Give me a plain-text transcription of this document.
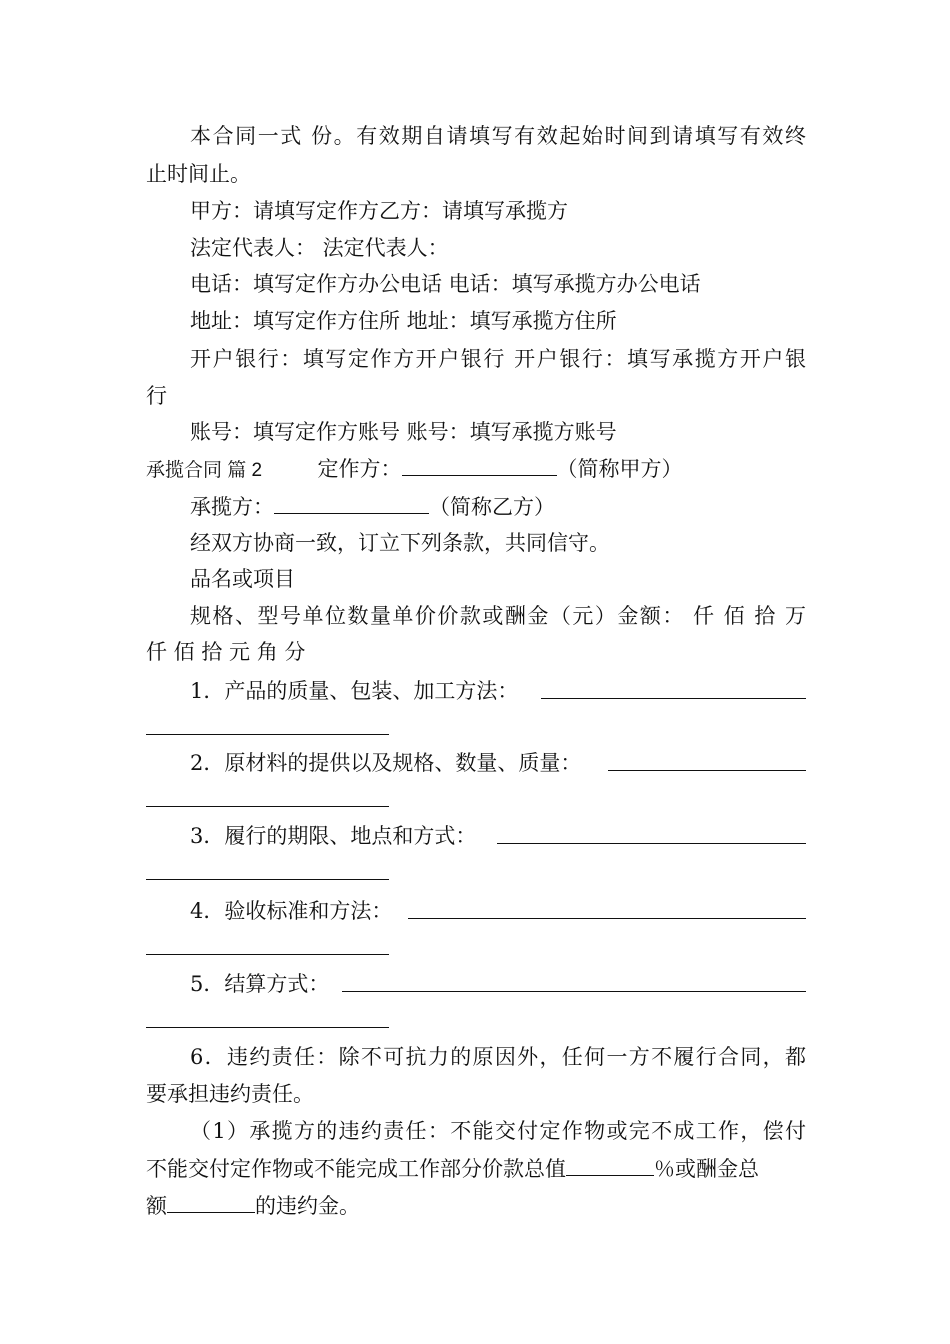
本合同一式 份。有效期自请填写有效起始时间到请填写有效终
止时间止。
甲方：请填写定作方乙方：请填写承揽方
法定代表人： 法定代表人：
电话：填写定作方办公电话 电话：填写承揽方办公电话
地址：填写定作方住所 地址：填写承揽方住所
开户银行：填写定作方开户银行 开户银行：填写承揽方开户银
行
账号：填写定作方账号 账号：填写承揽方账号
承揽合同 篇 2	定作方：	（简称甲方）
承揽方：	（简称乙方）
经双方协商一致，订立下列条款，共同信守。
品名或项目
规格、型号单位数量单价价款或酬金（元）金额： 仟 佰 拾 万
仟 佰 拾 元 角 分
1．产品的质量、包装、加工方法：
2．原材料的提供以及规格、数量、质量：
3．履行的期限、地点和方式：
4．验收标准和方法：
5．结算方式：
6．违约责任：除不可抗力的原因外，任何一方不履行合同，都
要承担违约责任。
（1）承揽方的违约责任：不能交付定作物或完不成工作，偿付
不能交付定作物或不能完成工作部分价款总值	％或酬金总
额	的违约金。
